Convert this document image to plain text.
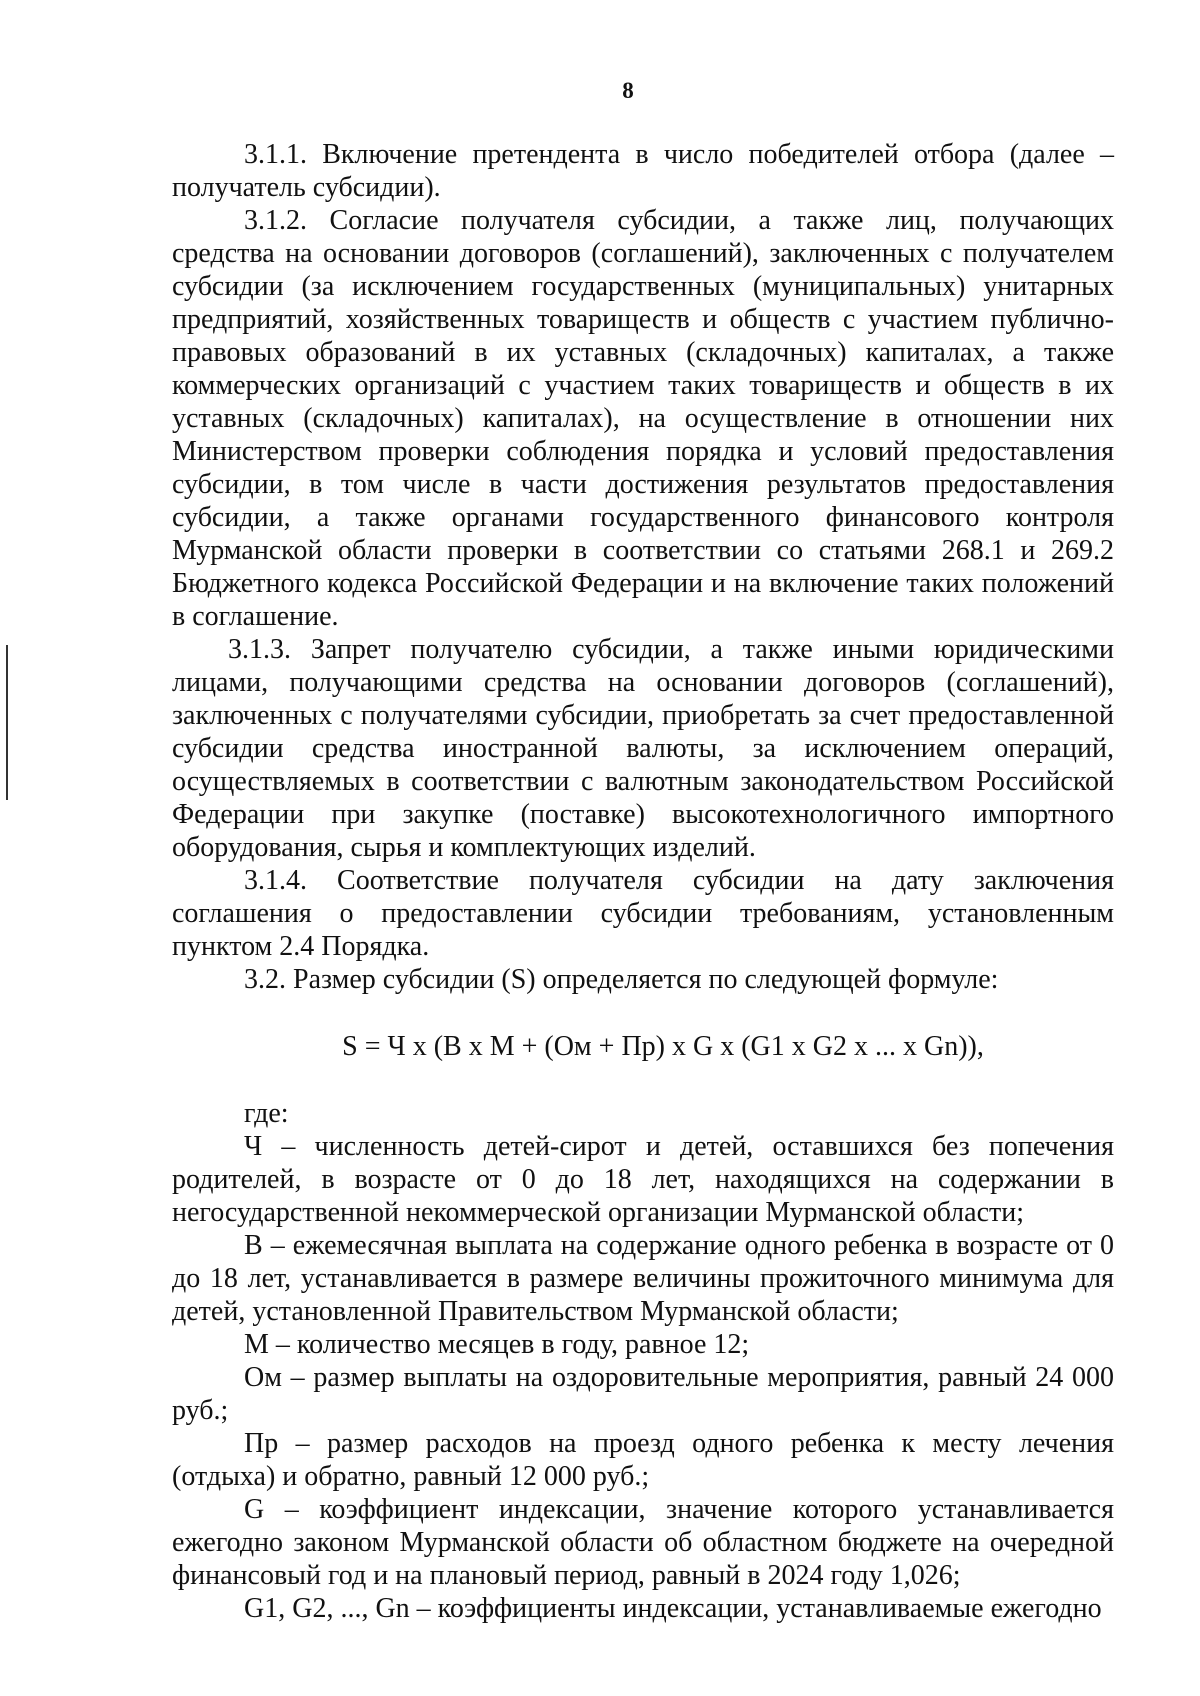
8

3.1.1. Включение претендента в число победителей отбора (далее – получатель субсидии).

3.1.2. Согласие получателя субсидии, а также лиц, получающих средства на основании договоров (соглашений), заключенных с получателем субсидии (за исключением государственных (муниципальных) унитарных предприятий, хозяйственных товариществ и обществ с участием публично-правовых образований в их уставных (складочных) капиталах, а также коммерческих организаций с участием таких товариществ и обществ в их уставных (складочных) капиталах), на осуществление в отношении них Министерством проверки соблюдения порядка и условий предоставления субсидии, в том числе в части достижения результатов предоставления субсидии, а также органами государственного финансового контроля Мурманской области проверки в соответствии со статьями 268.1 и 269.2 Бюджетного кодекса Российской Федерации и на включение таких положений в соглашение.

3.1.3. Запрет получателю субсидии, а также иными юридическими лицами, получающими средства на основании договоров (соглашений), заключенных с получателями субсидии, приобретать за счет предоставленной субсидии средства иностранной валюты, за исключением операций, осуществляемых в соответствии с валютным законодательством Российской Федерации при закупке (поставке) высокотехнологичного импортного оборудования, сырья и комплектующих изделий.

3.1.4. Соответствие получателя субсидии на дату заключения соглашения о предоставлении субсидии требованиям, установленным пунктом 2.4 Порядка.

3.2. Размер субсидии (S) определяется по следующей формуле:

S = Ч x (B x M + (Ом + Пр) x G x (G1 x G2 x ... x Gn)),

где:

Ч – численность детей-сирот и детей, оставшихся без попечения родителей, в возрасте от 0 до 18 лет, находящихся на содержании в негосударственной некоммерческой организации Мурманской области;

В – ежемесячная выплата на содержание одного ребенка в возрасте от 0 до 18 лет, устанавливается в размере величины прожиточного минимума для детей, установленной Правительством Мурманской области;

М – количество месяцев в году, равное 12;

Ом – размер выплаты на оздоровительные мероприятия, равный 24 000 руб.;

Пр – размер расходов на проезд одного ребенка к месту лечения (отдыха) и обратно, равный 12 000 руб.;

G – коэффициент индексации, значение которого устанавливается ежегодно законом Мурманской области об областном бюджете на очередной финансовый год и на плановый период, равный в 2024 году 1,026;

G1, G2, ..., Gn – коэффициенты индексации, устанавливаемые ежегодно
